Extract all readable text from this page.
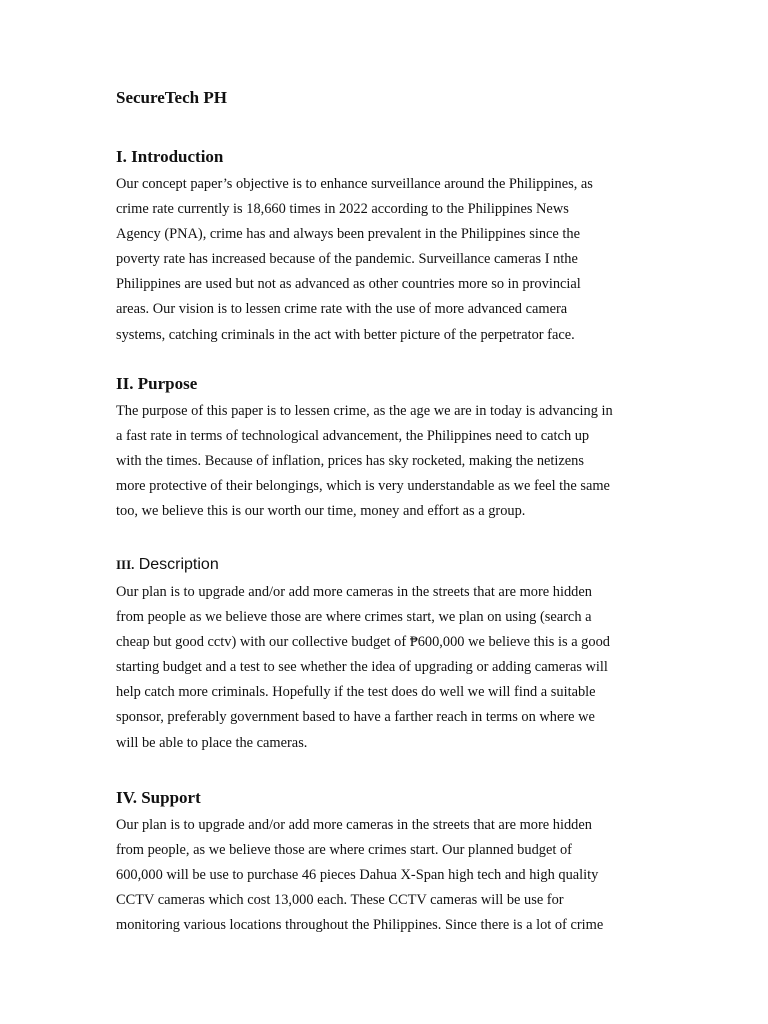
SecureTech PH
I. Introduction
Our concept paper’s objective is to enhance surveillance around the Philippines, as
crime rate currently is 18,660 times in 2022 according to the Philippines News
Agency (PNA), crime has and always been prevalent in the Philippines since the
poverty rate has increased because of the pandemic. Surveillance cameras I nthe
Philippines are used but not as advanced as other countries more so in provincial
areas. Our vision is to lessen crime rate with the use of more advanced camera
systems, catching criminals in the act with better picture of the perpetrator face.
II. Purpose
The purpose of this paper is to lessen crime, as the age we are in today is advancing in
a fast rate in terms of technological advancement, the Philippines need to catch up
with the times. Because of inflation, prices has sky rocketed, making the netizens
more protective of their belongings, which is very understandable as we feel the same
too, we believe this is our worth our time, money and effort as a group.
III. Description
Our plan is to upgrade and/or add more cameras in the streets that are more hidden
from people as we believe those are where crimes start, we plan on using (search a
cheap but good cctv) with our collective budget of ₱600,000 we believe this is a good
starting budget and a test to see whether the idea of upgrading or adding cameras will
help catch more criminals. Hopefully if the test does do well we will find a suitable
sponsor, preferably government based to have a farther reach in terms on where we
will be able to place the cameras.
IV. Support
Our plan is to upgrade and/or add more cameras in the streets that are more hidden
from people, as we believe those are where crimes start. Our planned budget of
600,000 will be use to purchase 46 pieces Dahua X-Span high tech and high quality
CCTV cameras which cost 13,000 each. These CCTV cameras will be use for
monitoring various locations throughout the Philippines. Since there is a lot of crime
